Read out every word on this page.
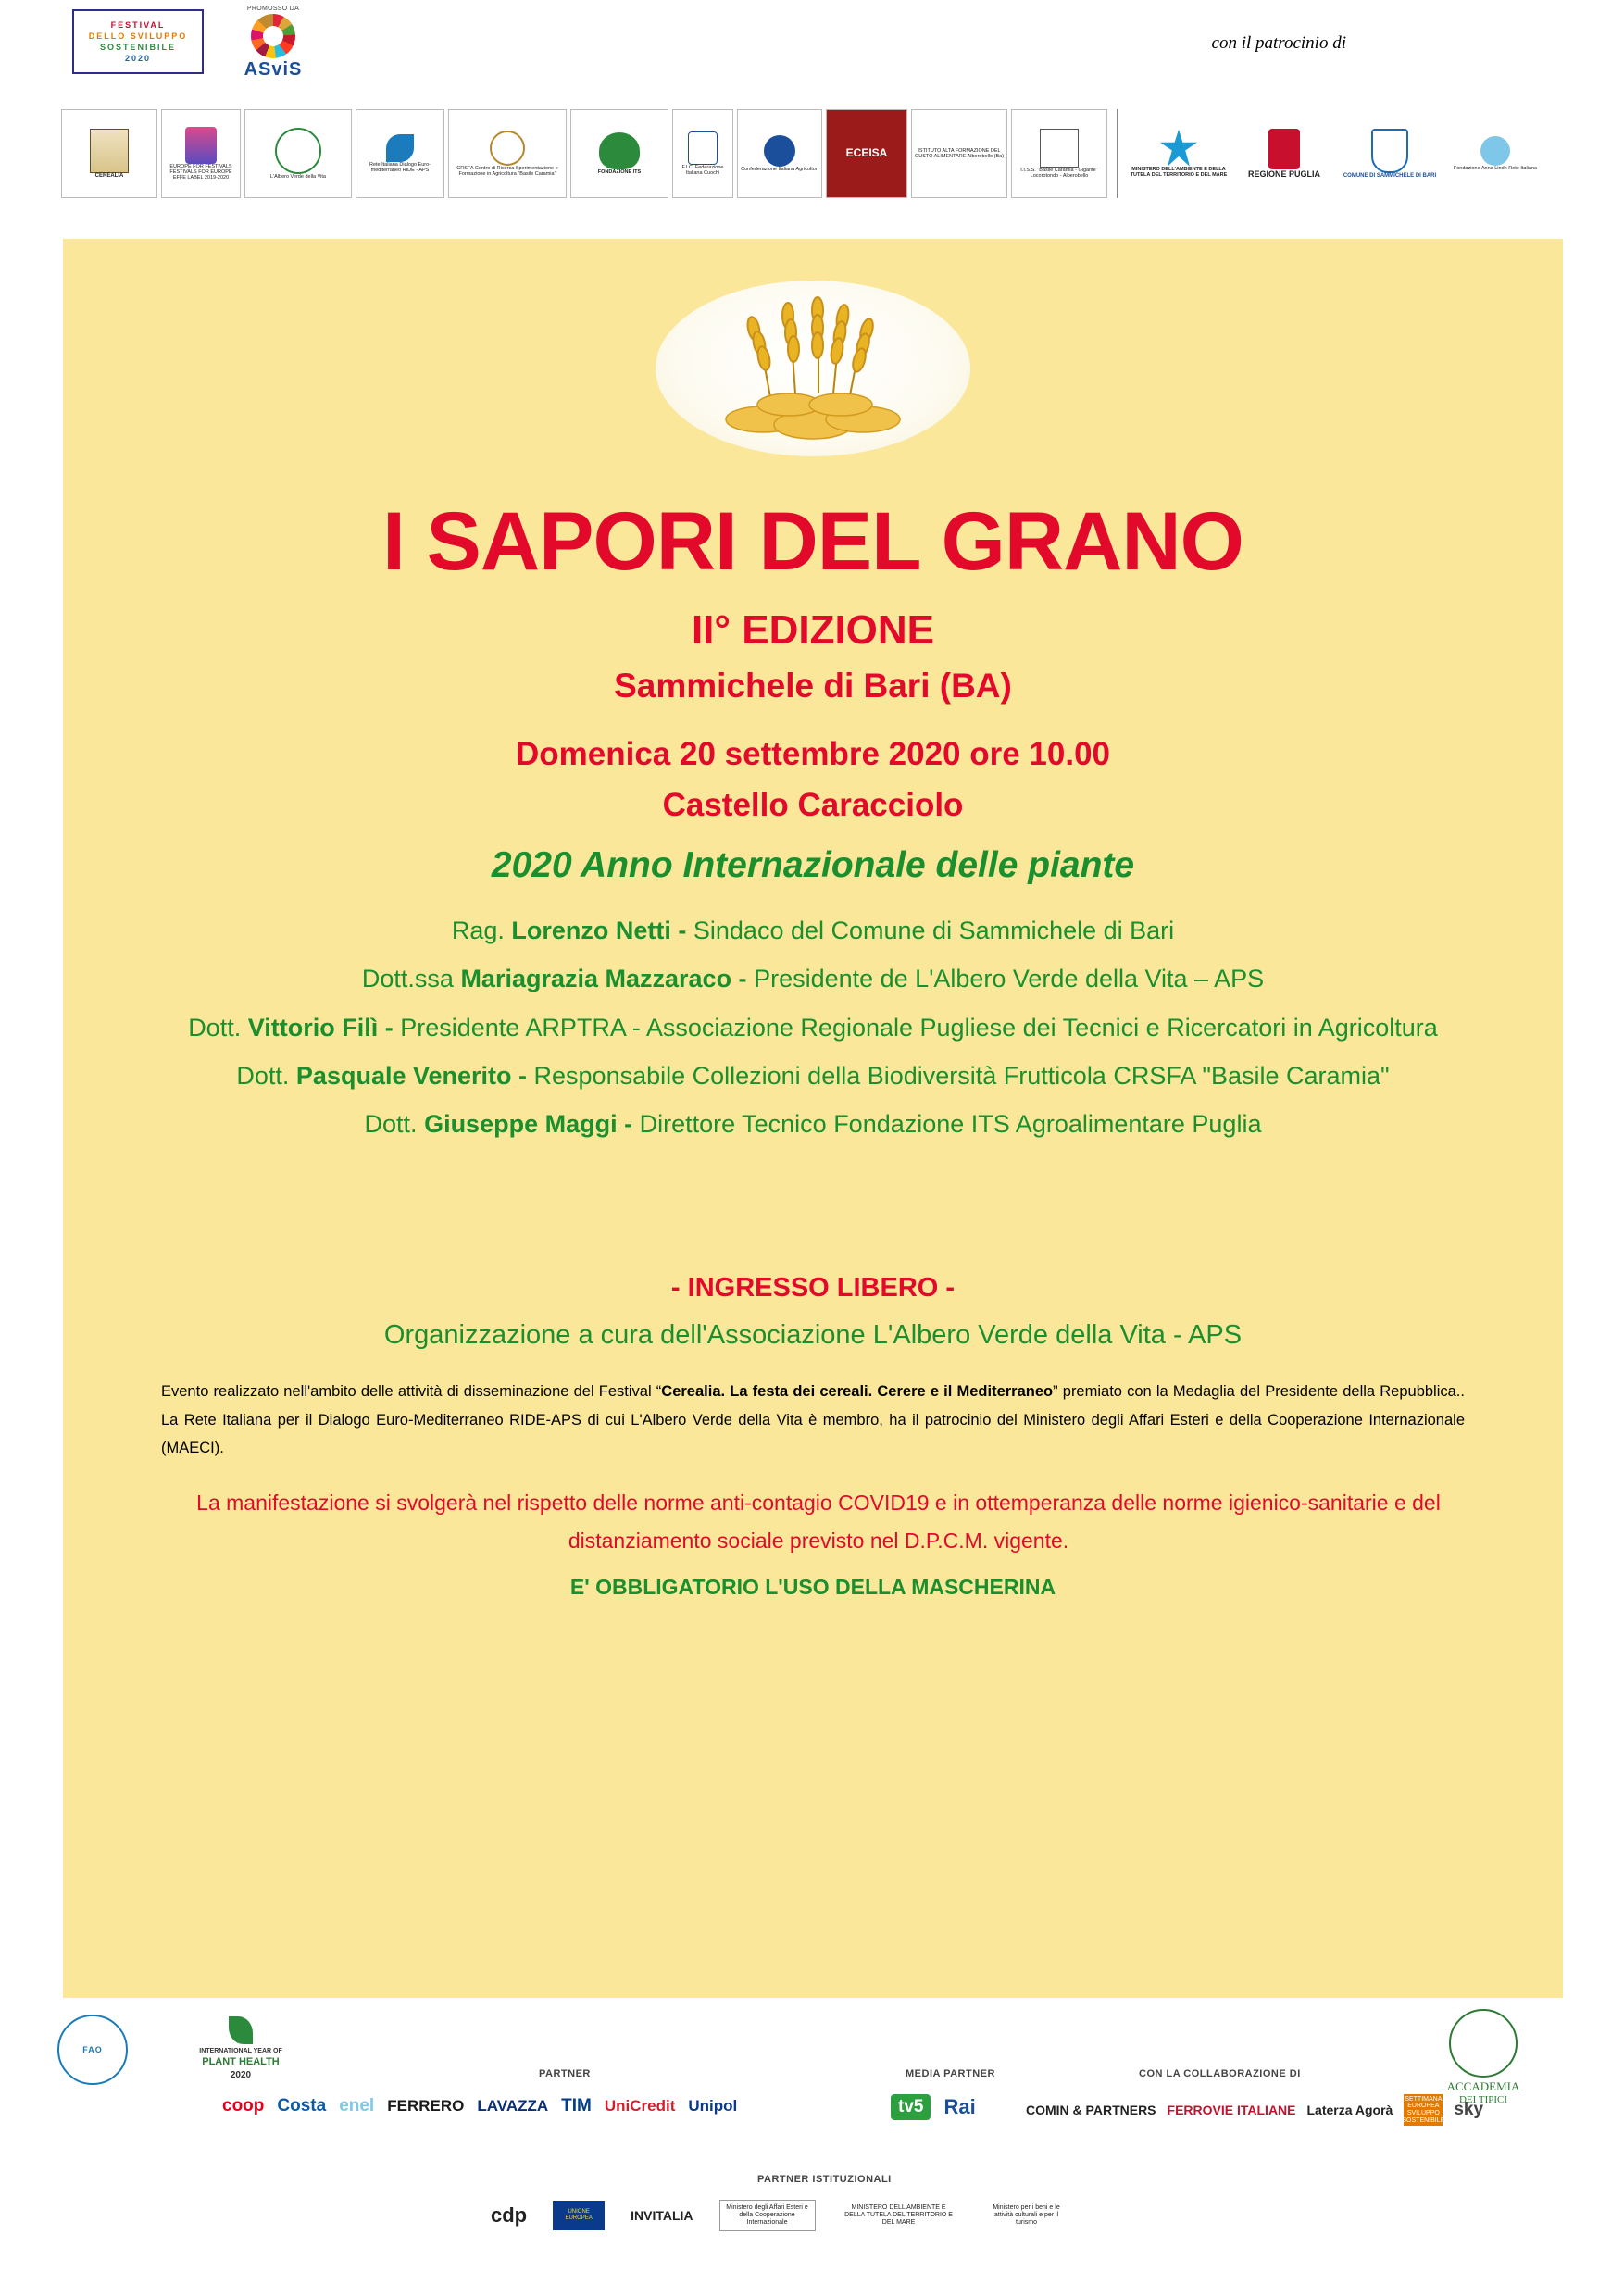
FESTIVAL
DELLO SVILUPPO
SOSTENIBILE
2020
PROMOSSO DA
ASviS
con il patrocinio di
CEREALIA
EUROPE FOR FESTIVALS FESTIVALS FOR EUROPE EFFE LABEL 2019-2020	L'Albero Verde della Vita
Rete Italiana Dialogo Euro-mediterraneo RIDE - APS	CRSFA Centro di Ricerca Sperimentazione e Formazione in Agricoltura "Basile Caramia"	FONDAZIONE ITS
F.I.C. Federazione Italiana Cuochi
Confederazione Italiana Agricoltori
ECEISA	ISTITUTO ALTA FORMAZIONE DEL GUSTO ALIMENTARE Alberobello (Ba)
I.I.S.S. "Basile Caramia - Gigante" Locorotondo - Alberobello
MINISTERO DELL'AMBIENTE E DELLA TUTELA DEL TERRITORIO E DEL MARE	REGIONE PUGLIA	COMUNE DI SAMMICHELE DI BARI
Fondazione Anna Lindh Rete Italiana
I SAPORI DEL GRANO
II° EDIZIONE
Sammichele di Bari (BA)
Domenica 20 settembre 2020 ore 10.00
Castello Caracciolo
2020 Anno Internazionale delle piante
Rag. Lorenzo Netti - Sindaco del Comune di Sammichele di Bari
Dott.ssa Mariagrazia Mazzaraco - Presidente de L'Albero Verde della Vita – APS
Dott. Vittorio Filì - Presidente ARPTRA - Associazione Regionale Pugliese dei Tecnici e Ricercatori in Agricoltura
Dott. Pasquale Venerito - Responsabile Collezioni della Biodiversità Frutticola CRSFA "Basile Caramia"
Dott. Giuseppe Maggi - Direttore Tecnico Fondazione ITS Agroalimentare Puglia
- INGRESSO LIBERO -
Organizzazione a cura dell'Associazione L'Albero Verde della Vita - APS
Evento realizzato nell'ambito delle attività di disseminazione del Festival “Cerealia. La festa dei cereali. Cerere e il Mediterraneo” premiato con la Medaglia del Presidente della Repubblica.. La Rete Italiana per il Dialogo Euro-Mediterraneo RIDE-APS di cui L'Albero Verde della Vita è membro, ha il patrocinio del Ministero degli Affari Esteri e della Cooperazione Internazionale (MAECI).
La manifestazione si svolgerà nel rispetto delle norme anti-contagio COVID19 e in ottemperanza delle norme igienico-sanitarie e del distanziamento sociale previsto nel D.P.C.M. vigente.
E' OBBLIGATORIO L'USO DELLA MASCHERINA
FAO	INTERNATIONAL YEAR OF
PLANT HEALTH
2020
ACCADEMIA
DEI TIPICI
PARTNER	MEDIA PARTNER	CON LA COLLABORAZIONE DI
PARTNER ISTITUZIONALI
coop Costa enel FERRERO LAVAZZA TIM UniCredit Unipol	tv5	Rai	COMIN & PARTNERS FERROVIE ITALIANE Laterza Agorà
SETTIMANA EUROPEA SVILUPPO SOSTENIBILE
sky
cdp	UNIONE EUROPEA	INVITALIA
Ministero degli Affari Esteri e della Cooperazione Internazionale
MINISTERO DELL'AMBIENTE E DELLA TUTELA DEL TERRITORIO E DEL MARE
Ministero per i beni e le attività culturali e per il turismo
